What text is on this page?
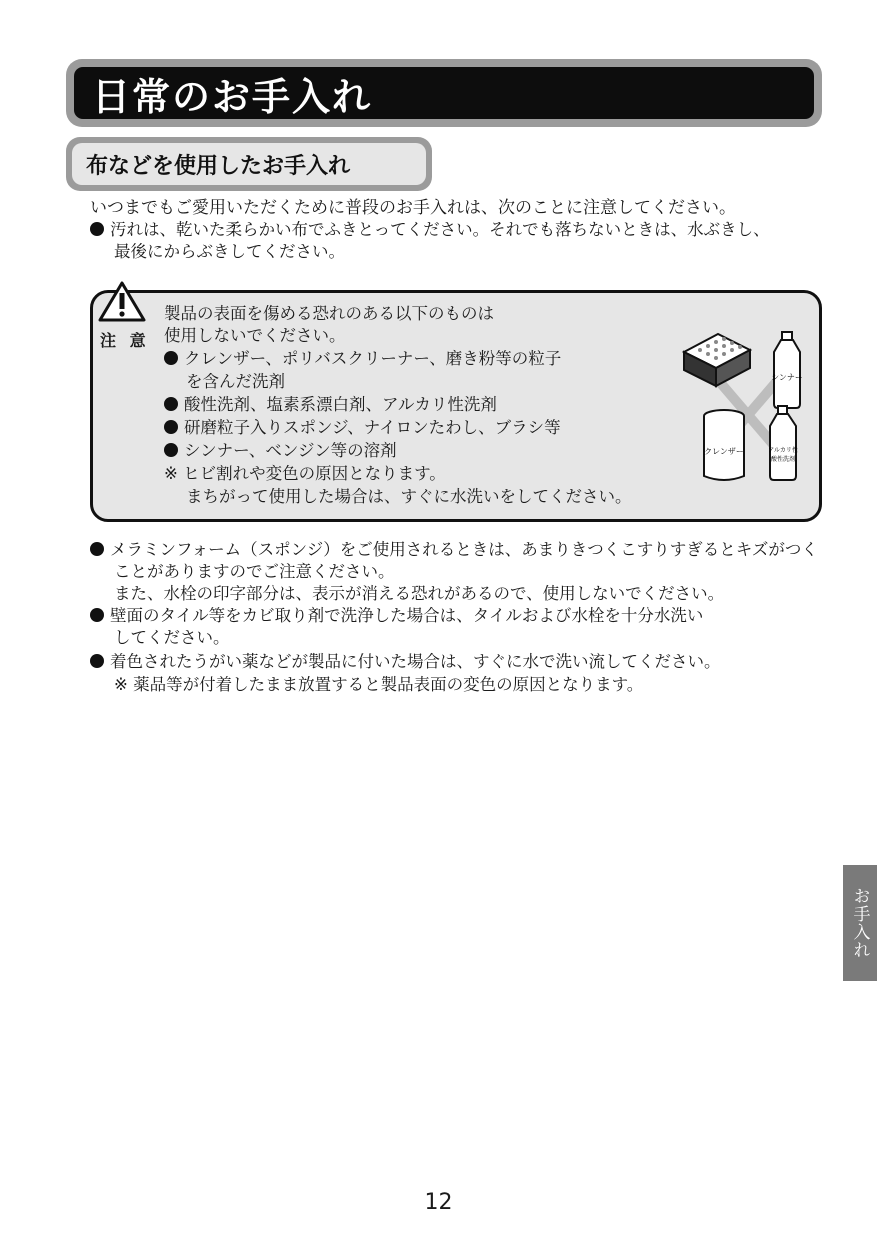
日常のお手入れ
布などを使用したお手入れ
いつまでもご愛用いただくために普段のお手入れは、次のことに注意してください。
汚れは、乾いた柔らかい布でふきとってください。それでも落ちないときは、水ぶきし、
最後にからぶきしてください。
注 意
製品の表面を傷める恐れのある以下のものは
使用しないでください。
クレンザー、ポリバスクリーナー、磨き粉等の粒子
を含んだ洗剤
酸性洗剤、塩素系漂白剤、アルカリ性洗剤
研磨粒子入りスポンジ、ナイロンたわし、ブラシ等
シンナー、ベンジン等の溶剤
※ ヒビ割れや変色の原因となります。
まちがって使用した場合は、すぐに水洗いをしてください。
シンナー
クレンザー	アルカリ性
酸性洗剤
メラミンフォーム（スポンジ）をご使用されるときは、あまりきつくこすりすぎるとキズがつく
ことがありますのでご注意ください。
また、水栓の印字部分は、表示が消える恐れがあるので、使用しないでください。
壁面のタイル等をカビ取り剤で洗浄した場合は、タイルおよび水栓を十分水洗い
してください。
着色されたうがい薬などが製品に付いた場合は、すぐに水で洗い流してください。
※ 薬品等が付着したまま放置すると製品表面の変色の原因となります。
お手入れ
12
